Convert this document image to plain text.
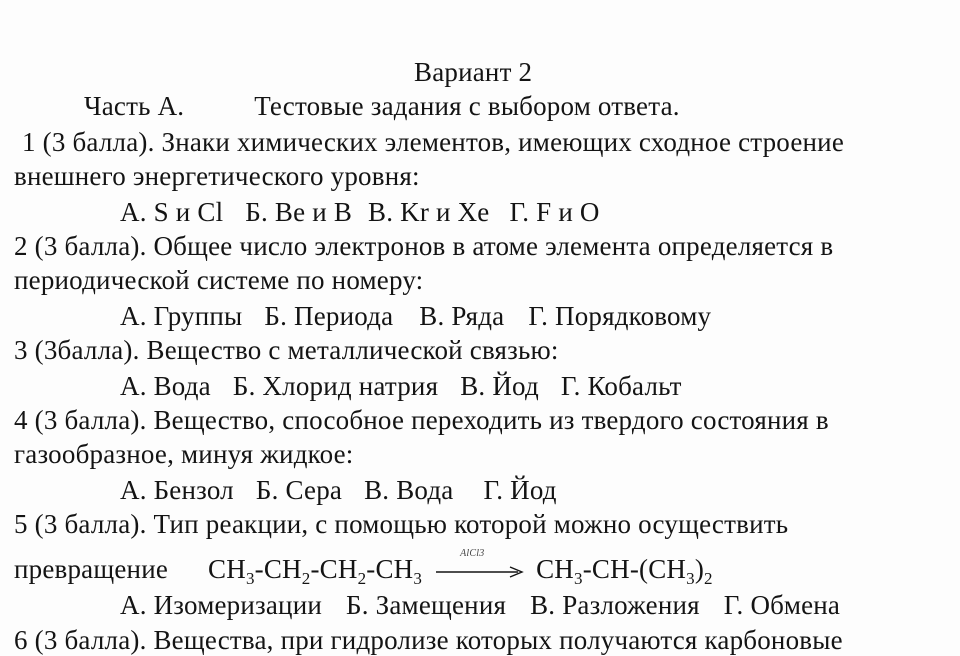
Вариант 2
Часть А.	Тестовые задания с выбором ответа.
1 (3 балла). Знаки химических элементов, имеющих сходное строение
внешнего энергетического уровня:
А. S и Cl Б. Be и B В. Kr и Xe Г. F и O
2 (3 балла). Общее число электронов в атоме элемента определяется в
периодической системе по номеру:
А. Группы Б. Периода В. Ряда Г. Порядковому
3 (3балла). Вещество с металлической связью:
А. Вода Б. Хлорид натрия В. Йод Г. Кобальт
4 (3 балла). Вещество, способное переходить из твердого состояния в
газообразное, минуя жидкое:
А. Бензол Б. Сера В. Вода Г. Йод
5 (3 балла). Тип реакции, с помощью которой можно осуществить
превращение $CH_3-CH_2-CH_2-CH_3$
AlCl3
$CH_3-CH-(CH_3)_2$
А. Изомеризации Б. Замещения В. Разложения Г. Обмена
6 (3 балла). Вещества, при гидролизе которых получаются карбоновые
